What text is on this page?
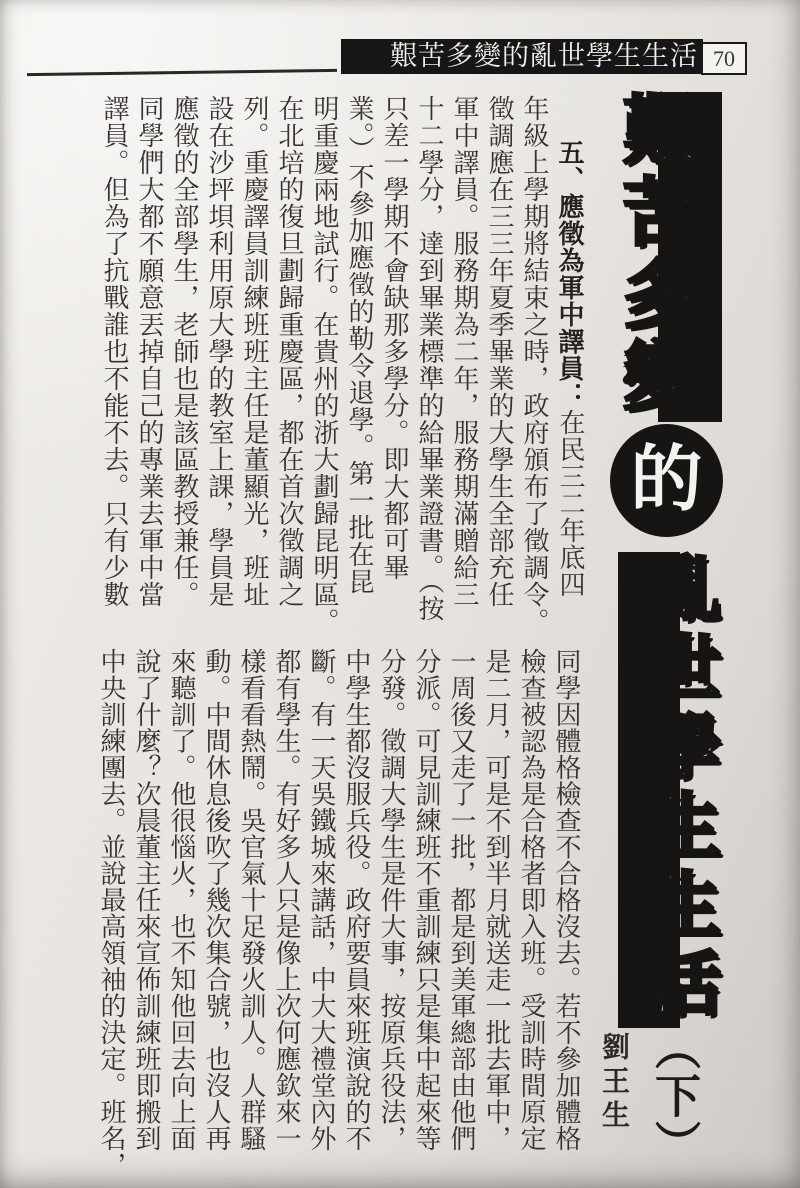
艱苦多變的亂世學生生活 70
艱
苦
多
變
的
亂
世
學
生
生
活
（下）
劉王生
五、應徵為軍中譯員：在民三二年底四
年級上學期將結束之時，政府頒布了徵調令。
徵調應在三三年夏季畢業的大學生全部充任
軍中譯員。服務期為二年，服務期滿贈給三
十二學分，達到畢業標準的給畢業證書。（按
只差一學期不會缺那多學分。即大都可畢
業。）不參加應徵的勒令退學。第一批在昆
明重慶兩地試行。在貴州的浙大劃歸昆明區。
在北培的復旦劃歸重慶區，都在首次徵調之
列。重慶譯員訓練班班主任是董顯光，班址
設在沙坪垻利用原大學的教室上課，學員是
應徵的全部學生，老師也是該區教授兼任。
同學們大都不願意丟掉自己的專業去軍中當
譯員。但為了抗戰誰也不能不去。只有少數
同學因體格檢查不合格沒去。若不參加體格
檢查被認為是合格者即入班。受訓時間原定
是二月，可是不到半月就送走一批去軍中，
一周後又走了一批，都是到美軍總部由他們
分派。可見訓練班不重訓練只是集中起來等
分發。徵調大學生是件大事，按原兵役法，
中學生都沒服兵役。政府要員來班演說的不
斷。有一天吳鐵城來講話，中大大禮堂內外
都有學生。有好多人只是像上次何應欽來一
樣看看熱鬧。吳官氣十足發火訓人。人群騷
動。中間休息後吹了幾次集合號，也沒人再
來聽訓了。他很惱火，也不知他回去向上面
說了什麼？次晨董主任來宣佈訓練班即搬到
中央訓練團去。並說最高領袖的決定。班名，
